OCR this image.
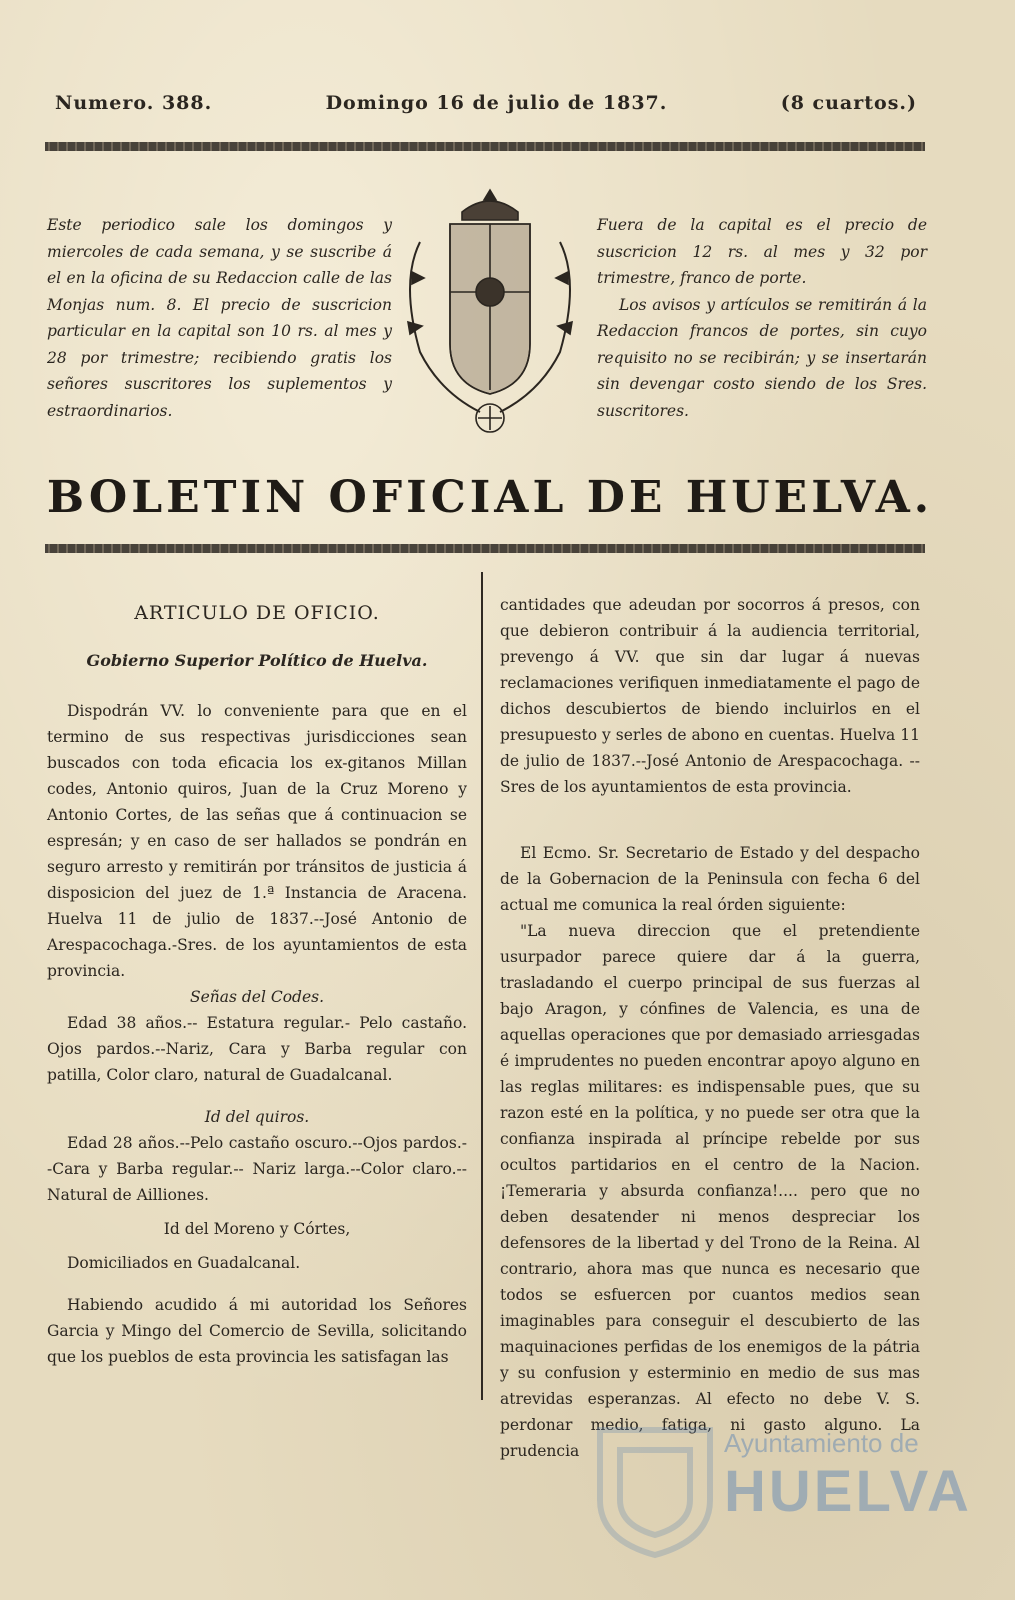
Numero. 388.	Domingo 16 de julio de 1837.	(8 cuartos.)

Este periodico sale los domingos y miercoles de cada semana, y se suscribe á el en la oficina de su Redaccion calle de las Monjas num. 8. El precio de suscricion particular en la capital son 10 rs. al mes y 28 por trimestre; recibiendo gratis los señores suscritores los suplementos y estraordinarios.

Fuera de la capital es el precio de suscricion 12 rs. al mes y 32 por trimestre, franco de porte.

Los avisos y artículos se remitirán á la Redaccion francos de portes, sin cuyo requisito no se recibirán; y se insertarán sin devengar costo siendo de los Sres. suscritores.

BOLETIN OFICIAL DE HUELVA.

ARTICULO DE OFICIO.

Gobierno Superior Político de Huelva.

Dispodrán VV. lo conveniente para que en el termino de sus respectivas jurisdicciones sean buscados con toda eficacia los ex-gitanos Millan codes, Antonio quiros, Juan de la Cruz Moreno y Antonio Cortes, de las señas que á continuacion se espresán; y en caso de ser hallados se pondrán en seguro arresto y remitirán por tránsitos de justicia á disposicion del juez de 1.ª Instancia de Aracena. Huelva 11 de julio de 1837.--José Antonio de Arespacochaga.-Sres. de los ayuntamientos de esta provincia.

Señas del Codes.

Edad 38 años.-- Estatura regular.- Pelo castaño. Ojos pardos.--Nariz, Cara y Barba regular con patilla, Color claro, natural de Guadalcanal.

Id del quiros.

Edad 28 años.--Pelo castaño oscuro.--Ojos pardos.--Cara y Barba regular.-- Nariz larga.--Color claro.-- Natural de Ailliones.

Id del Moreno y Córtes,

Domiciliados en Guadalcanal.

Habiendo acudido á mi autoridad los Señores Garcia y Mingo del Comercio de Sevilla, solicitando que los pueblos de esta provincia les satisfagan las

cantidades que adeudan por socorros á presos, con que debieron contribuir á la audiencia territorial, prevengo á VV. que sin dar lugar á nuevas reclamaciones verifiquen inmediatamente el pago de dichos descubiertos de biendo incluirlos en el presupuesto y serles de abono en cuentas. Huelva 11 de julio de 1837.--José Antonio de Arespacochaga. --Sres de los ayuntamientos de esta provincia.

El Ecmo. Sr. Secretario de Estado y del despacho de la Gobernacion de la Peninsula con fecha 6 del actual me comunica la real órden siguiente:

"La nueva direccion que el pretendiente usurpador parece quiere dar á la guerra, trasladando el cuerpo principal de sus fuerzas al bajo Aragon, y cónfines de Valencia, es una de aquellas operaciones que por demasiado arriesgadas é imprudentes no pueden encontrar apoyo alguno en las reglas militares: es indispensable pues, que su razon esté en la política, y no puede ser otra que la confianza inspirada al príncipe rebelde por sus ocultos partidarios en el centro de la Nacion. ¡Temeraria y absurda confianza!.... pero que no deben desatender ni menos despreciar los defensores de la libertad y del Trono de la Reina. Al contrario, ahora mas que nunca es necesario que todos se esfuercen por cuantos medios sean imaginables para conseguir el descubierto de las maquinaciones perfidas de los enemigos de la pátria y su confusion y esterminio en medio de sus mas atrevidas esperanzas. Al efecto no debe V. S. perdonar medio, fatiga, ni gasto alguno. La prudencia	Ayuntamiento de
HUELVA
